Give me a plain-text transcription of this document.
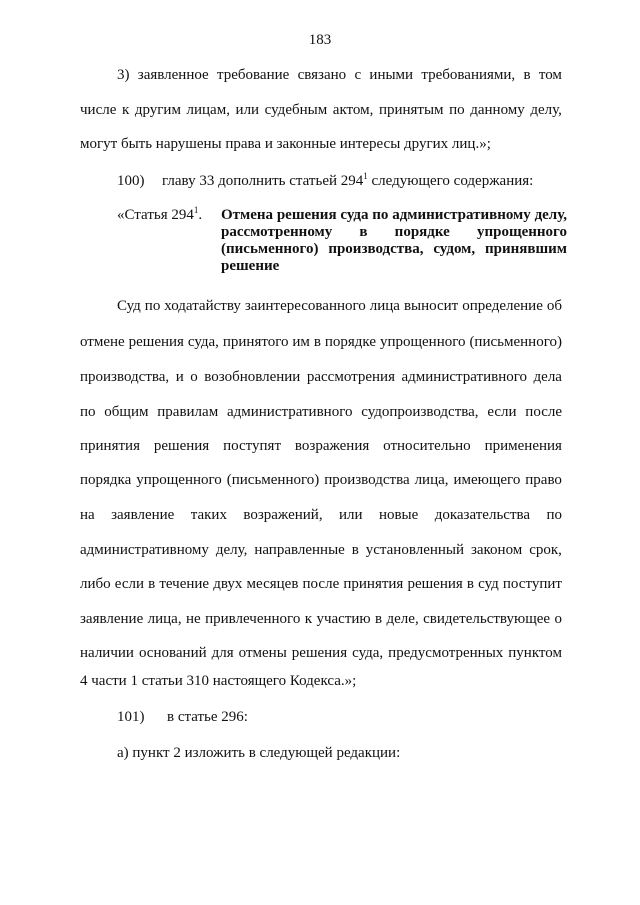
183
3) заявленное требование связано с иными требованиями, в том
числе к другим лицам, или судебным актом, принятым по данному делу,
могут быть нарушены права и законные интересы других лиц.»;
100) главу 33 дополнить статьей $294^1$ следующего содержания:
«Статья $294^1$. Отмена решения суда по административному делу,
рассмотренному в порядке упрощенного
(письменного) производства, судом, принявшим
решение
Суд по ходатайству заинтересованного лица выносит определение об
отмене решения суда, принятого им в порядке упрощенного (письменного)
производства, и о возобновлении рассмотрения административного дела
по общим правилам административного судопроизводства, если после
принятия решения поступят возражения относительно применения
порядка упрощенного (письменного) производства лица, имеющего право
на заявление таких возражений, или новые доказательства по
административному делу, направленные в установленный законом срок,
либо если в течение двух месяцев после принятия решения в суд поступит
заявление лица, не привлеченного к участию в деле, свидетельствующее о
наличии оснований для отмены решения суда, предусмотренных пунктом
4 части 1 статьи 310 настоящего Кодекса.»;
101) в статье 296:
а) пункт 2 изложить в следующей редакции:
